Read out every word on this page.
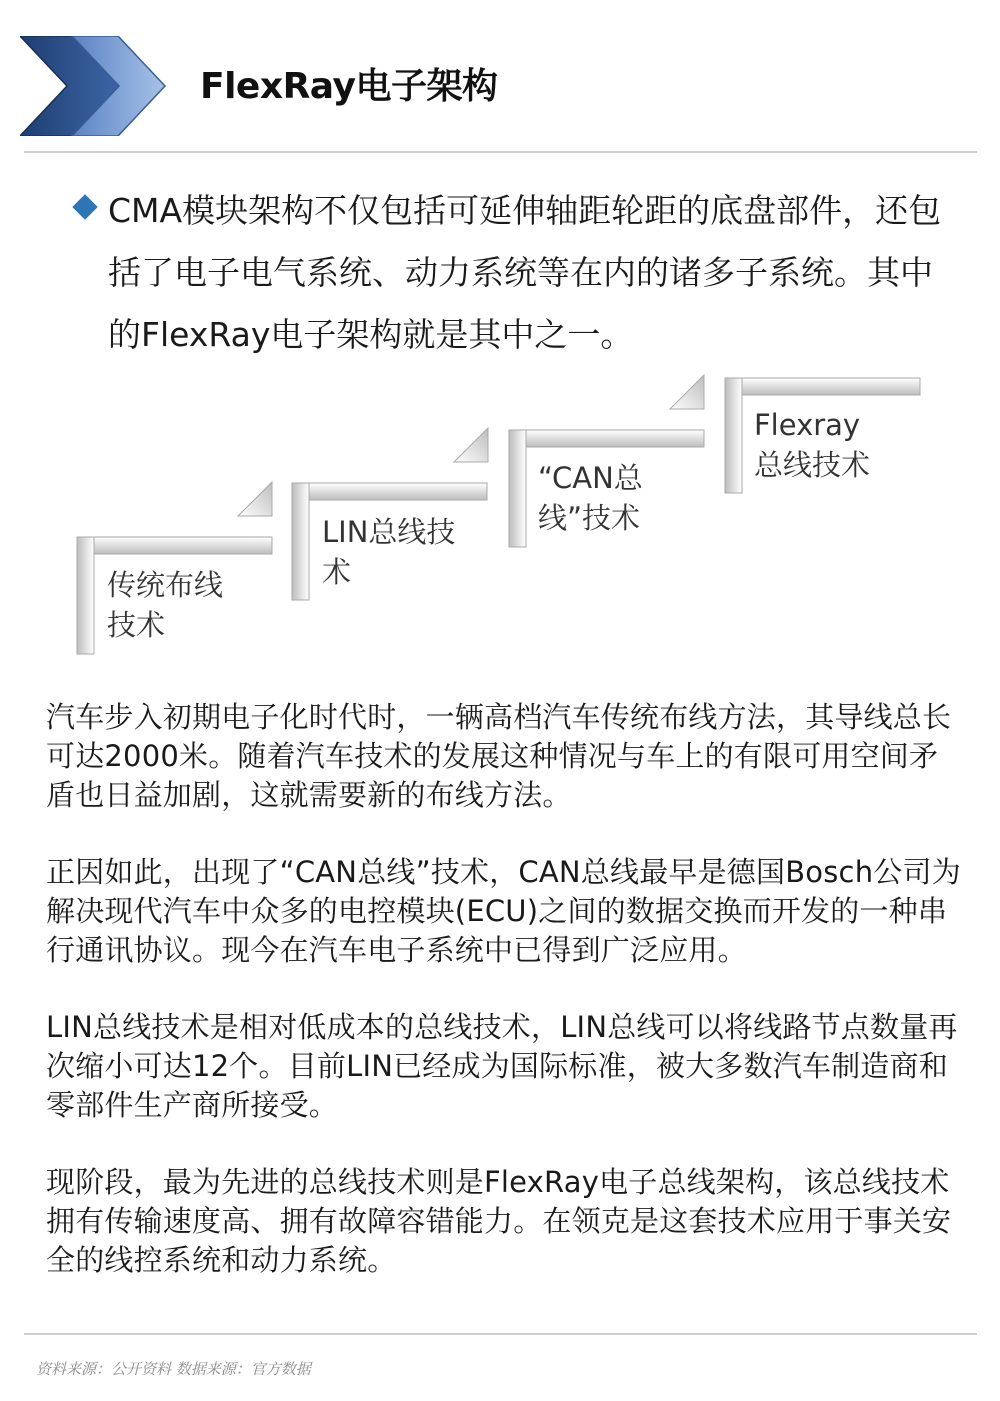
FlexRay电子架构

CMA模块架构不仅包括可延伸轴距轮距的底盘部件，还包括了电子电气系统、动力系统等在内的诸多子系统。其中的FlexRay电子架构就是其中之一。

传统布线技术
LIN总线技术
“CAN总线”技术
Flexray总线技术

汽车步入初期电子化时代时，一辆高档汽车传统布线方法，其导线总长可达2000米。随着汽车技术的发展这种情况与车上的有限可用空间矛盾也日益加剧，这就需要新的布线方法。

正因如此，出现了“CAN总线”技术，CAN总线最早是德国Bosch公司为解决现代汽车中众多的电控模块(ECU)之间的数据交换而开发的一种串行通讯协议。现今在汽车电子系统中已得到广泛应用。

LIN总线技术是相对低成本的总线技术，LIN总线可以将线路节点数量再次缩小可达12个。目前LIN已经成为国际标准，被大多数汽车制造商和零部件生产商所接受。

现阶段，最为先进的总线技术则是FlexRay电子总线架构，该总线技术拥有传输速度高、拥有故障容错能力。在领克是这套技术应用于事关安全的线控系统和动力系统。

资料来源：公开资料 数据来源：官方数据
